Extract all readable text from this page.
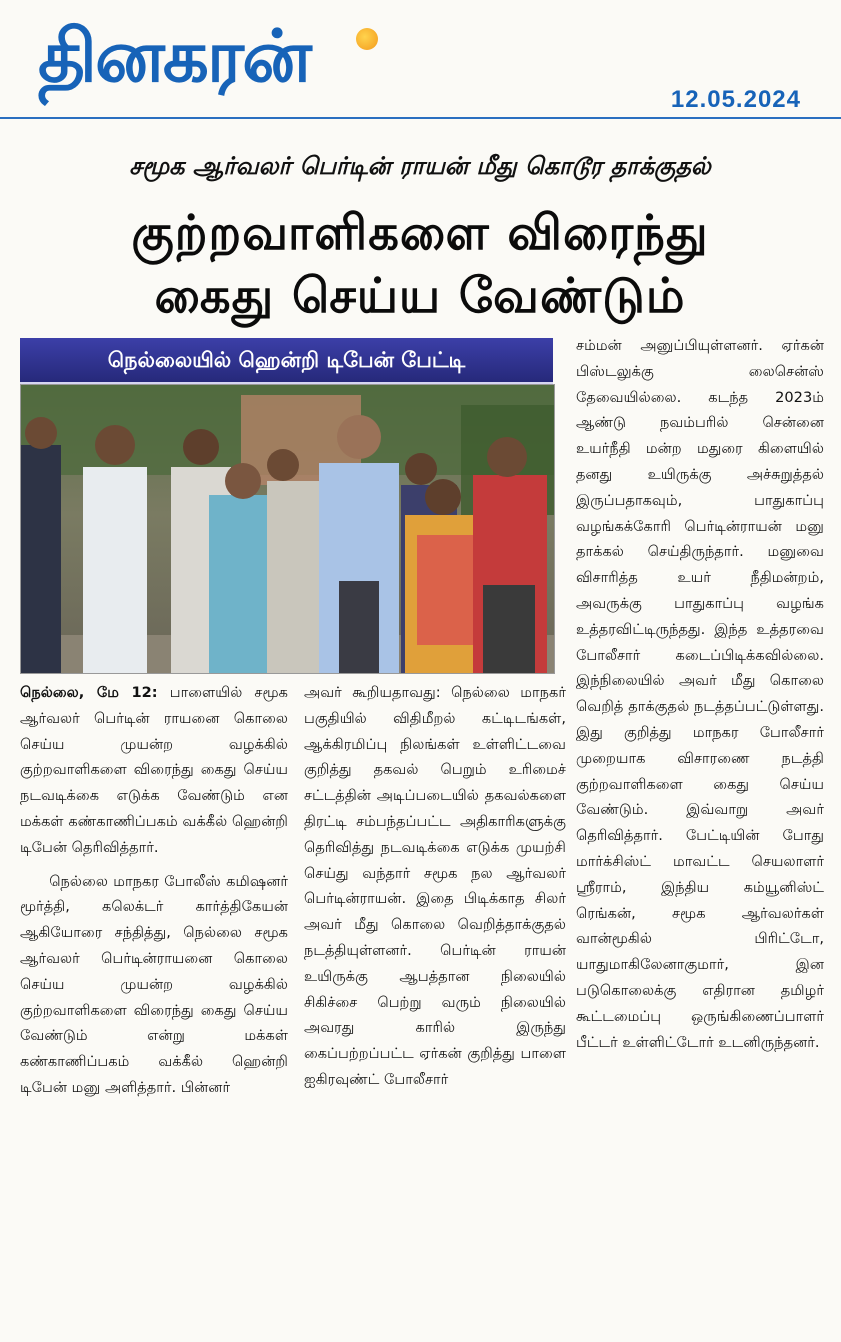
தினகரன்
12.05.2024
சமூக ஆர்வலர் பெர்டின் ராயன் மீது கொடூர தாக்குதல்
குற்றவாளிகளை விரைந்து
கைது செய்ய வேண்டும்
நெல்லையில் ஹென்றி டிபேன் பேட்டி

நெல்லை, மே 12: பாளையில் சமூக ஆர்வலர் பெர்டின் ராயனை கொலை செய்ய முயன்ற வழக்கில் குற்றவாளிகளை விரைந்து கைது செய்ய நடவடிக்கை எடுக்க வேண்டும் என மக்கள் கண்காணிப்பகம் வக்கீல் ஹென்றி டிபேன் தெரிவித்தார்.

நெல்லை மாநகர போலீஸ் கமிஷனர் மூர்த்தி, கலெக்டர் கார்த்திகேயன் ஆகியோரை சந்தித்து, நெல்லை சமூக ஆர்வலர் பெர்டின்ராயனை கொலை செய்ய முயன்ற வழக்கில் குற்றவாளிகளை விரைந்து கைது செய்ய வேண்டும் என்று மக்கள் கண்காணிப்பகம் வக்கீல் ஹென்றி டிபேன் மனு அளித்தார். பின்னர்

அவர் கூறியதாவது: நெல்லை மாநகர் பகுதியில் விதிமீறல் கட்டிடங்கள், ஆக்கிரமிப்பு நிலங்கள் உள்ளிட்டவை குறித்து தகவல் பெறும் உரிமைச் சட்டத்தின் அடிப்படையில் தகவல்களை திரட்டி சம்பந்தப்பட்ட அதிகாரிகளுக்கு தெரிவித்து நடவடிக்கை எடுக்க முயற்சி செய்து வந்தார் சமூக நல ஆர்வலர் பெர்டின்ராயன். இதை பிடிக்காத சிலர் அவர் மீது கொலை வெறித்தாக்குதல் நடத்தியுள்ளனர். பெர்டின் ராயன் உயிருக்கு ஆபத்தான நிலையில் சிகிச்சை பெற்று வரும் நிலையில் அவரது காரில் இருந்து கைப்பற்றப்பட்ட ஏர்கன் குறித்து பாளை ஐகிரவுண்ட் போலீசார்

சம்மன் அனுப்பியுள்ளனர். ஏர்கன் பிஸ்டலுக்கு லைசென்ஸ் தேவையில்லை. கடந்த 2023ம் ஆண்டு நவம்பரில் சென்னை உயர்நீதி மன்ற மதுரை கிளையில் தனது உயிருக்கு அச்சுறுத்தல் இருப்பதாகவும், பாதுகாப்பு வழங்கக்கோரி பெர்டின்ராயன் மனு தாக்கல் செய்திருந்தார். மனுவை விசாரித்த உயர் நீதிமன்றம், அவருக்கு பாதுகாப்பு வழங்க உத்தரவிட்டிருந்தது. இந்த உத்தரவை போலீசார் கடைப்பிடிக்கவில்லை. இந்நிலையில் அவர் மீது கொலை வெறித் தாக்குதல் நடத்தப்பட்டுள்ளது. இது குறித்து மாநகர போலீசார் முறையாக விசாரணை நடத்தி குற்றவாளிகளை கைது செய்ய வேண்டும். இவ்வாறு அவர் தெரிவித்தார். பேட்டியின் போது மார்க்சிஸ்ட் மாவட்ட செயலாளர் ஸ்ரீராம், இந்திய கம்யூனிஸ்ட் ரெங்கன், சமூக ஆர்வலர்கள் வான்மூகில் பிரிட்டோ, யாதுமாகிலேனாகுமார், இன படுகொலைக்கு எதிரான தமிழர் கூட்டமைப்பு ஒருங்கிணைப்பாளர் பீட்டர் உள்ளிட்டோர் உடனிருந்தனர்.
